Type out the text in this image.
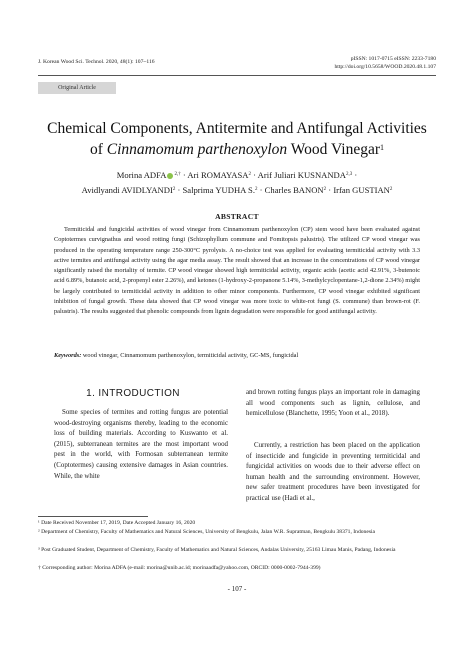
J. Korean Wood Sci. Technol. 2020, 48(1): 107~116	pISSN: 1017-0715 eISSN: 2233-7180
http://doi.org/10.5658/WOOD.2020.48.1.107
Original Article
Chemical Components, Antitermite and Antifungal Activities
of Cinnamomum parthenoxylon Wood Vinegar$^1$
Morina ADFA $^{2,\dagger}$ · Ari $ROMAYASA^2$ · Arif Juliari KUSNANDA$^{2,3}$ ·
Avidlyandi $AVIDLYANDI^2$ · Salprima YUDHA S.$^2$ · Charles $BANON^2$ · Irfan GUSTIAN$^2$
ABSTRACT

Termiticidal and fungicidal activities of wood vinegar from Cinnamomum parthenoxylon (CP) stem wood have been evaluated against Coptotermes curvignathus and wood rotting fungi (Schizophyllum commune and Fomitopsis palustris). The utilized CP wood vinegar was produced in the operating temperature range 250-300°C pyrolysis. A no-choice test was applied for evaluating termiticidal activity with 3.3 active termites and antifungal activity using the agar media assay. The result showed that an increase in the concentrations of CP wood vinegar significantly raised the mortality of termite. CP wood vinegar showed high termiticidal activity, organic acids (acetic acid 42.91%, 3-butenoic acid 6.89%, butanoic acid, 2-propenyl ester 2.26%), and ketones (1-hydroxy-2-propanone 5.14%, 3-methylcyclopentane-1,2-dione 2.34%) might be largely contributed to termiticidal activity in addition to other minor components. Furthermore, CP wood vinegar exhibited significant inhibition of fungal growth. These data showed that CP wood vinegar was more toxic to white-rot fungi (S. commune) than brown-rot (F. palustris). The results suggested that phenolic compounds from lignin degradation were responsible for good antifungal activity.

Keywords: wood vinegar, Cinnamomum parthenoxylon, termiticidal activity, GC-MS, fungicidal

1. INTRODUCTION

Some species of termites and rotting fungus are potential wood-destroying organisms thereby, leading to the economic loss of building materials. According to Kuswanto et al. (2015), subterranean termites are the most important wood pest in the world, with Formosan subterranean termite (Coptotermes) causing extensive damages in Asian countries. While, the white

and brown rotting fungus plays an important role in damaging all wood components such as lignin, cellulose, and hemicellulose (Blanchette, 1995; Yoon et al., 2018).

Currently, a restriction has been placed on the application of insecticide and fungicide in preventing termiticidal and fungicidal activities on woods due to their adverse effect on human health and the surrounding environment. However, new safer treatment procedures have been investigated for practical use (Hadi et al.,

¹ Date Received November 17, 2019, Date Accepted January 16, 2020

² Department of Chemistry, Faculty of Mathematics and Natural Sciences, University of Bengkulu, Jalan W.R. Supratman, Bengkulu 38371, Indonesia

³ Post Graduated Student, Department of Chemistry, Faculty of Mathematics and Natural Sciences, Andalas University, 25163 Limau Manis, Padang, Indonesia

† Corresponding author: Morina ADFA (e-mail: morina@unib.ac.id; morinaadfa@yahoo.com, ORCID: 0000-0002-7944-399)

- 107 -
